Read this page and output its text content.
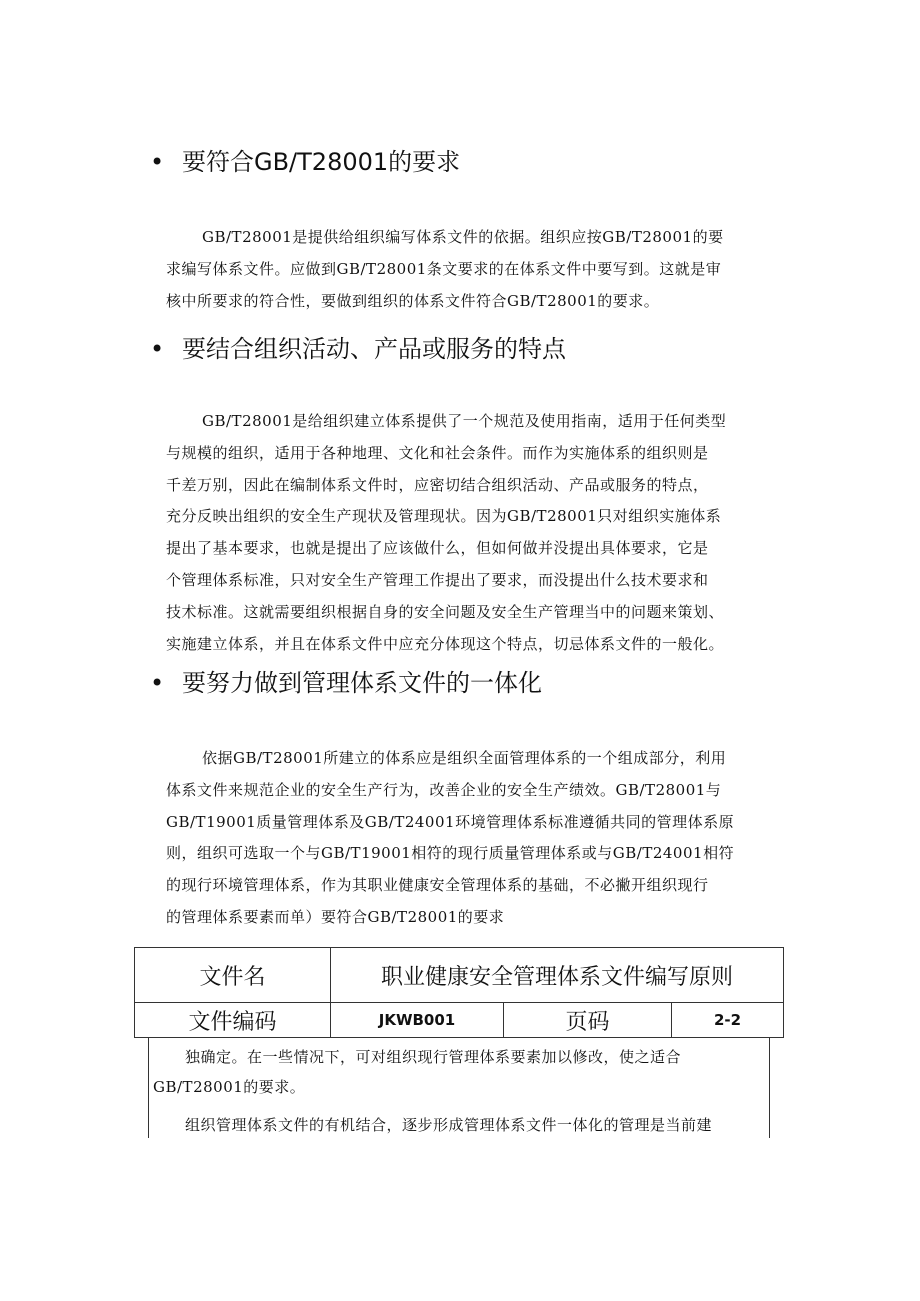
• 要符合GB/T28001的要求
GB/T28001是提供给组织编写体系文件的依据。组织应按GB/T28001的要
求编写体系文件。应做到GB/T28001条文要求的在体系文件中要写到。这就是审
核中所要求的符合性，要做到组织的体系文件符合GB/T28001的要求。
• 要结合组织活动、产品或服务的特点
GB/T28001是给组织建立体系提供了一个规范及使用指南，适用于任何类型
与规模的组织，适用于各种地理、文化和社会条件。而作为实施体系的组织则是
千差万别，因此在编制体系文件时，应密切结合组织活动、产品或服务的特点，
充分反映出组织的安全生产现状及管理现状。因为GB/T28001只对组织实施体系
提出了基本要求，也就是提出了应该做什么，但如何做并没提出具体要求，它是
个管理体系标准，只对安全生产管理工作提出了要求，而没提出什么技术要求和
技术标准。这就需要组织根据自身的安全问题及安全生产管理当中的问题来策划、
实施建立体系，并且在体系文件中应充分体现这个特点，切忌体系文件的一般化。
• 要努力做到管理体系文件的一体化
依据GB/T28001所建立的体系应是组织全面管理体系的一个组成部分，利用
体系文件来规范企业的安全生产行为，改善企业的安全生产绩效。GB/T28001与
GB/T19001质量管理体系及GB/T24001环境管理体系标准遵循共同的管理体系原
则，组织可选取一个与GB/T19001相符的现行质量管理体系或与GB/T24001相符
的现行环境管理体系，作为其职业健康安全管理体系的基础，不必撇开组织现行
的管理体系要素而单）要符合GB/T28001的要求
文件名	职业健康安全管理体系文件编写原则		
文件编码	JKWB001	页码	2-2
独确定。在一些情况下，可对组织现行管理体系要素加以修改，使之适合
GB/T28001的要求。
组织管理体系文件的有机结合，逐步形成管理体系文件一体化的管理是当前建
